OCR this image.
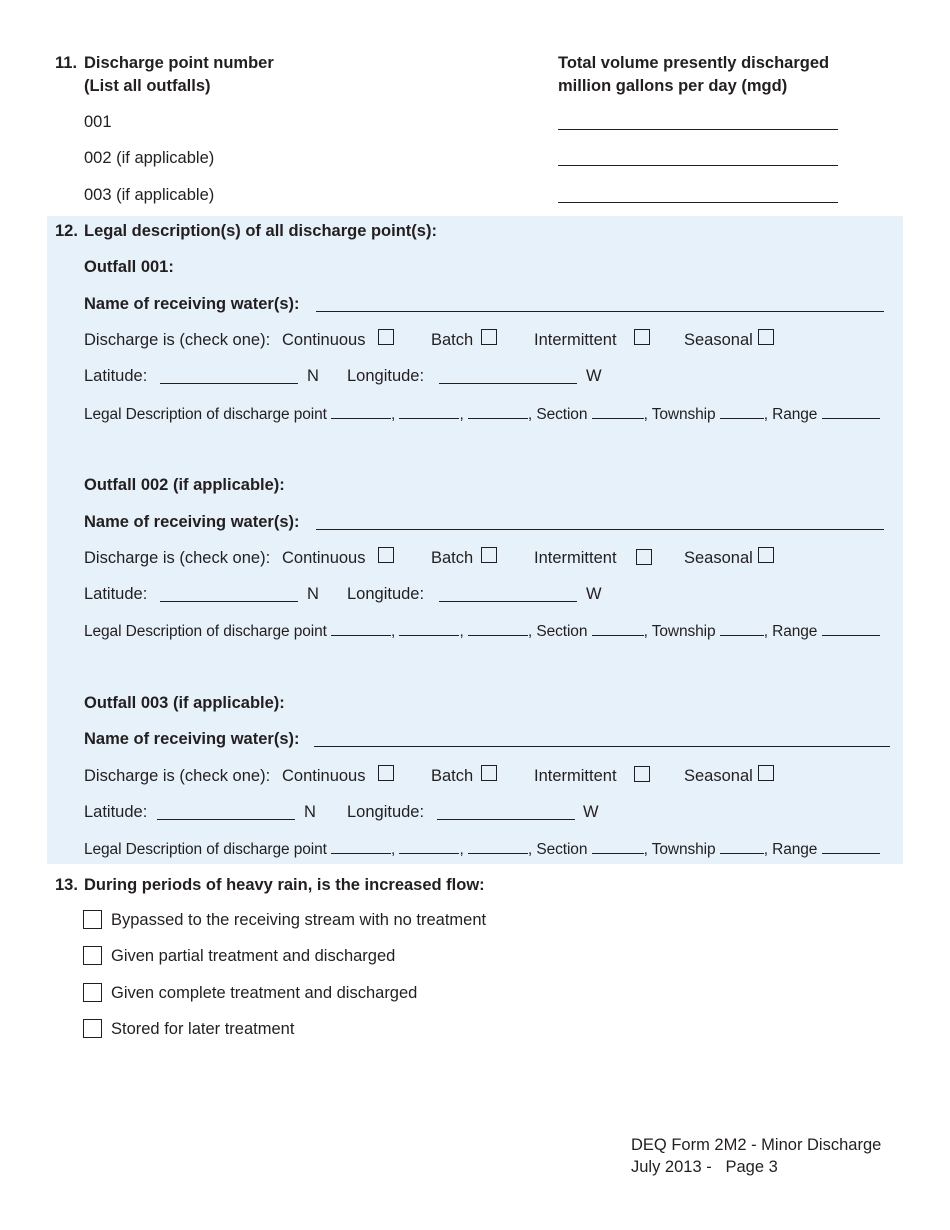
11. Discharge point number
(List all outfalls)
Total volume presently discharged
million gallons per day (mgd)
001
002 (if applicable)
003 (if applicable)
12. Legal description(s) of all discharge point(s):
Outfall 001:
Name of receiving water(s):
Discharge is (check one): Continuous	Batch	Intermittent	Seasonal
Latitude:	N Longitude:	W
Legal Description of discharge point	,	,	, Section	, Township	, Range
Outfall 002 (if applicable):
Name of receiving water(s):
Discharge is (check one): Continuous	Batch	Intermittent	Seasonal
Latitude:	N Longitude:	W
Legal Description of discharge point	,	,	, Section	, Township	, Range
Outfall 003 (if applicable):
Name of receiving water(s):
Discharge is (check one): Continuous	Batch	Intermittent	Seasonal
Latitude:	N Longitude:	W
Legal Description of discharge point	,	,	, Section	, Township	, Range
13. During periods of heavy rain, is the increased flow:
Bypassed to the receiving stream with no treatment
Given partial treatment and discharged
Given complete treatment and discharged
Stored for later treatment
DEQ Form 2M2 - Minor Discharge
July 2013 -   Page 3
